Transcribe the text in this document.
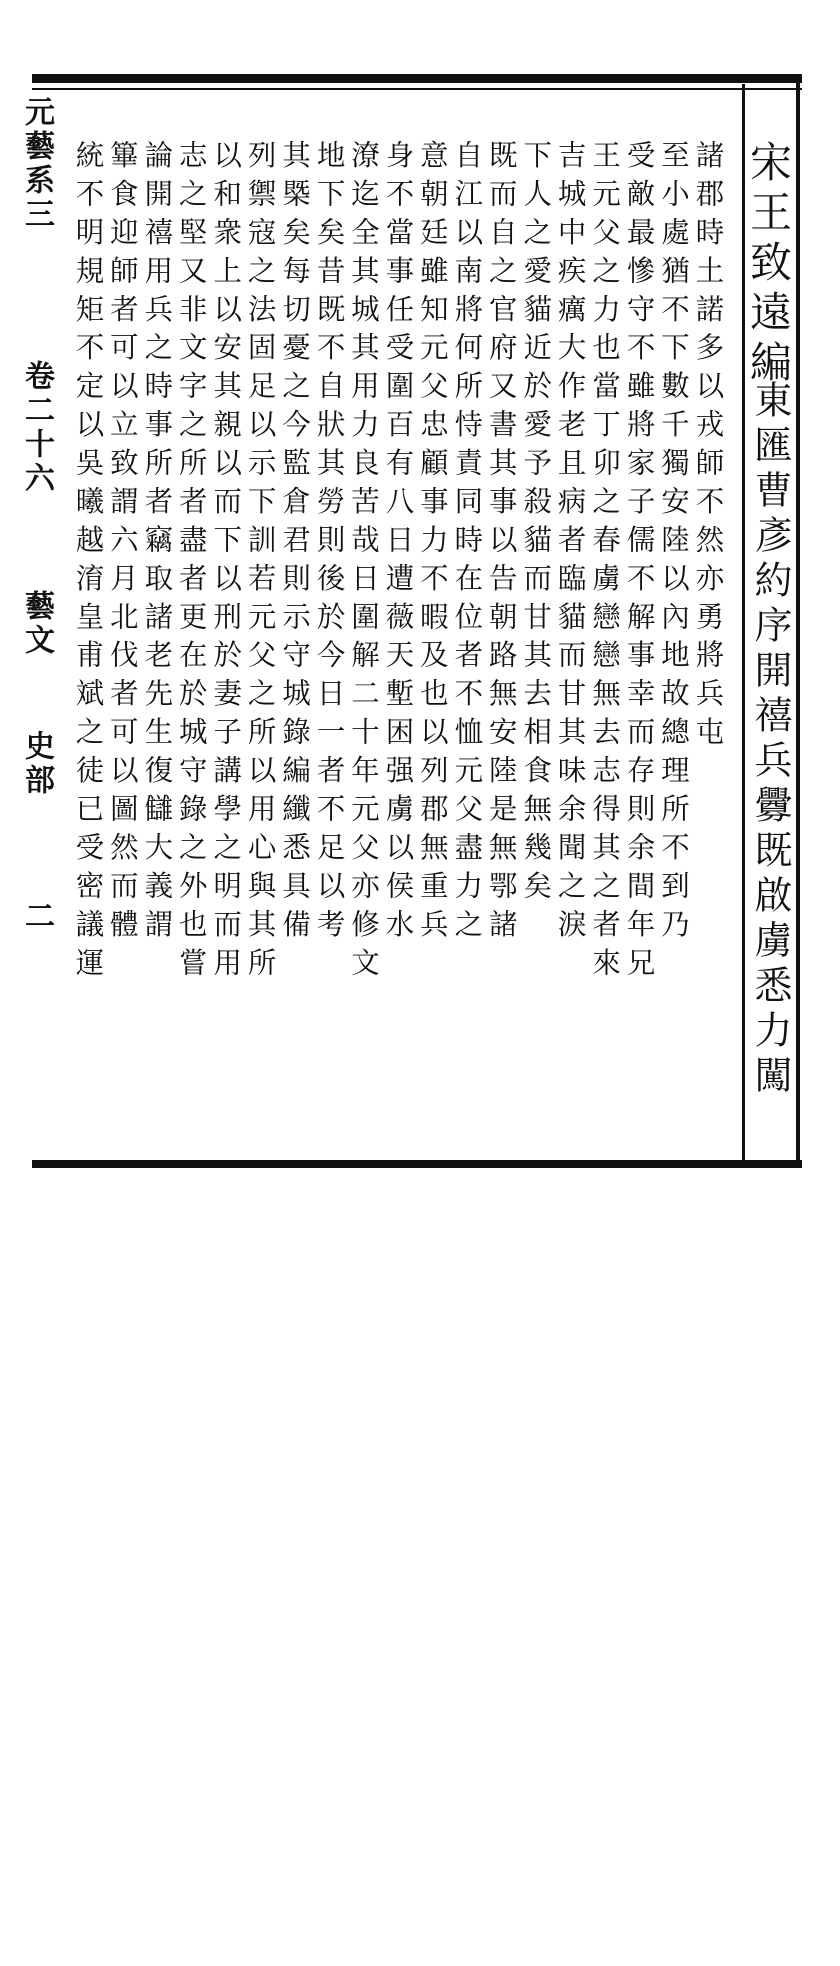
元藝系三
卷二十六
藝文
史部
二
宋王致遠編
東匯曹彥約序開禧兵釁既啟虜悉力闖
諸郡時土諾多以戎師不然亦勇將兵屯
至小處猶不下數千獨安陸以內地故總理所不到乃
受敵最慘守不雖將家子儒不解事幸而存則余間年兄
王元父之力也當丁卯之春虜戀戀無去志得其之者來
吉城中疾癘大作老且病者臨貓而甘其味余聞之淚
下人之愛貓近於愛予殺貓而甘其去相食無幾矣
既而自之官府又書其事以告朝路無安陸是無鄂諸
自江以南將何所恃責同時在位者不恤元父盡力之
意朝廷雖知元父忠顧事力不暇及也以列郡無重兵
身不當事任受圍百有八日遭薇天塹困强虜以侯水
潦迄全其城其用力良苦哉日圍解二十年元父亦修文
地下矣昔既不自狀其勞則後於今日一者不足以考
其槩矣每切憂之今監倉君則示守城錄編纖悉具備
列禦寇之法固足以示下訓若元父之所以用心與其所
以和衆上以安其親以而下以刑於妻子講學之明而用
志之堅又非文字之所者盡者更在於城守錄之外也嘗
論開禧用兵之時事所者竊取諸老先生復讎大義謂
篳食迎師者可以立致謂六月北伐者可以圖然而體
統不明規矩不定以吳曦越淯皇甫斌之徒已受密議運
